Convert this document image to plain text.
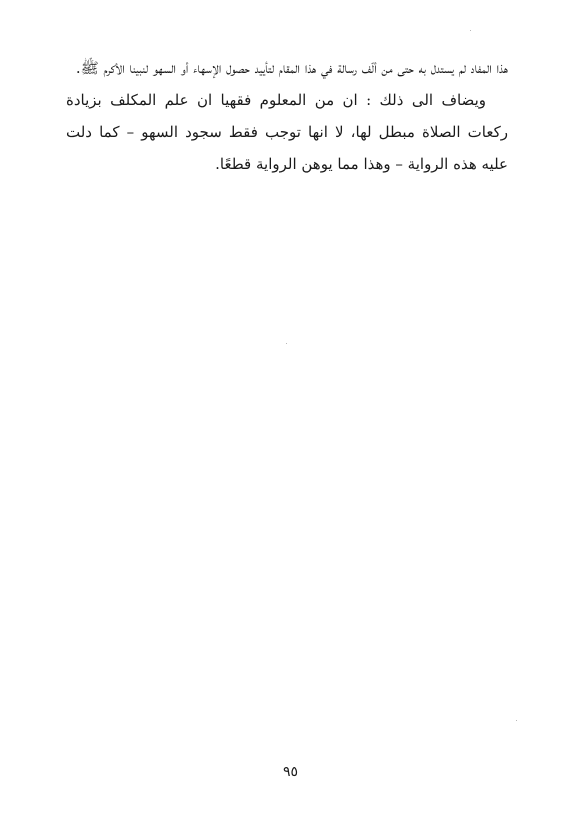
هذا المفاد لم يستدل به حتى من ألّف رسالة في هذا المقام لتأييد حصول الإسهاء أو السهو لنبينا الأكرم ﷺ.

ويضاف الى ذلك : ان من المعلوم فقهيا ان علم المكلف بزيادة ركعات الصلاة مبطل لها، لا انها توجب فقط سجود السهو – كما دلت عليه هذه الرواية – وهذا مما يوهن الرواية قطعًا.

٩٥
